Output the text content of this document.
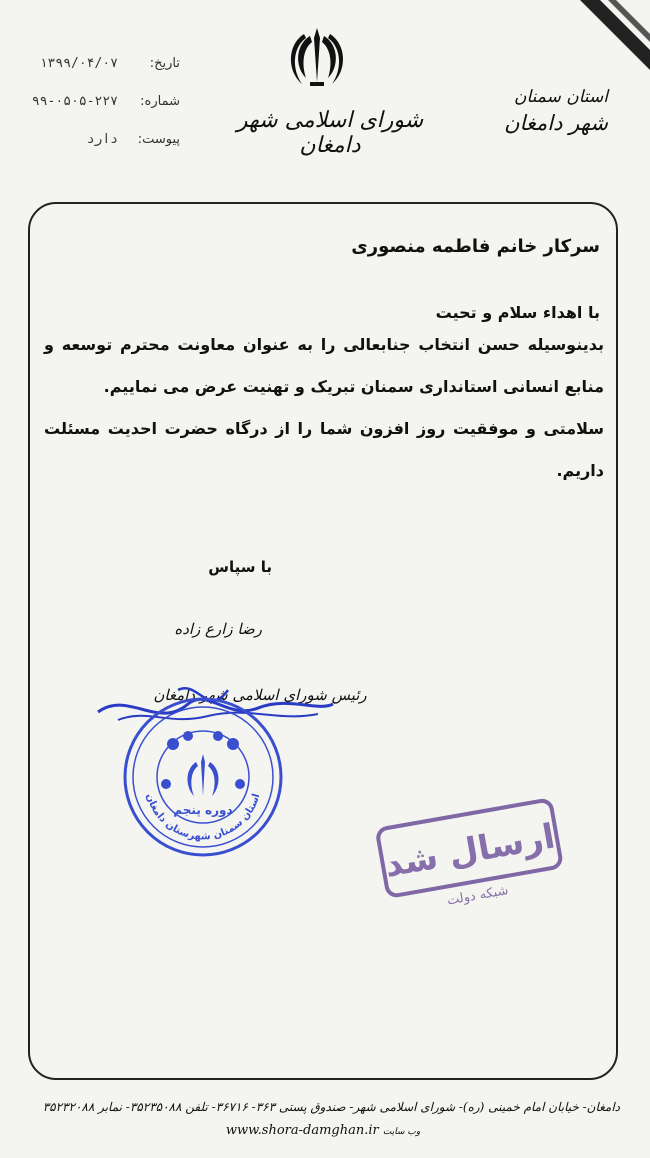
شورای اسلامی شهر دامغان
استان سمنان
شهر دامغان
تاریخ:
۱۳۹۹/۰۴/۰۷
شماره:
۹۹-۰۵۰۵-۲۲۷
پیوست:
دارد
سرکار خانم فاطمه منصوری
با اهداء سلام و تحیت
بدینوسیله حسن انتخاب جنابعالی را به عنوان معاونت محترم توسعه و منابع انسانی استانداری سمنان تبریک و تهنیت عرض می نماییم.
سلامتی و موفقیت روز افزون شما را از درگاه حضرت احدیت مسئلت داریم.
با سپاس
رضا زارع زاده
رئیس شورای اسلامی شهر دامغان
دوره پنجم
استان سمنان شهرستان دامغان
ارسال شد
شبکه دولت
دامغان- خیابان امام خمینی (ره)- شورای اسلامی شهر- صندوق پستی ۳۶۳- ۳۶۷۱۶- تلفن ۳۵۲۳۵۰۸۸- نمابر ۳۵۲۳۲۰۸۸
وب سایت www.shora-damghan.ir
